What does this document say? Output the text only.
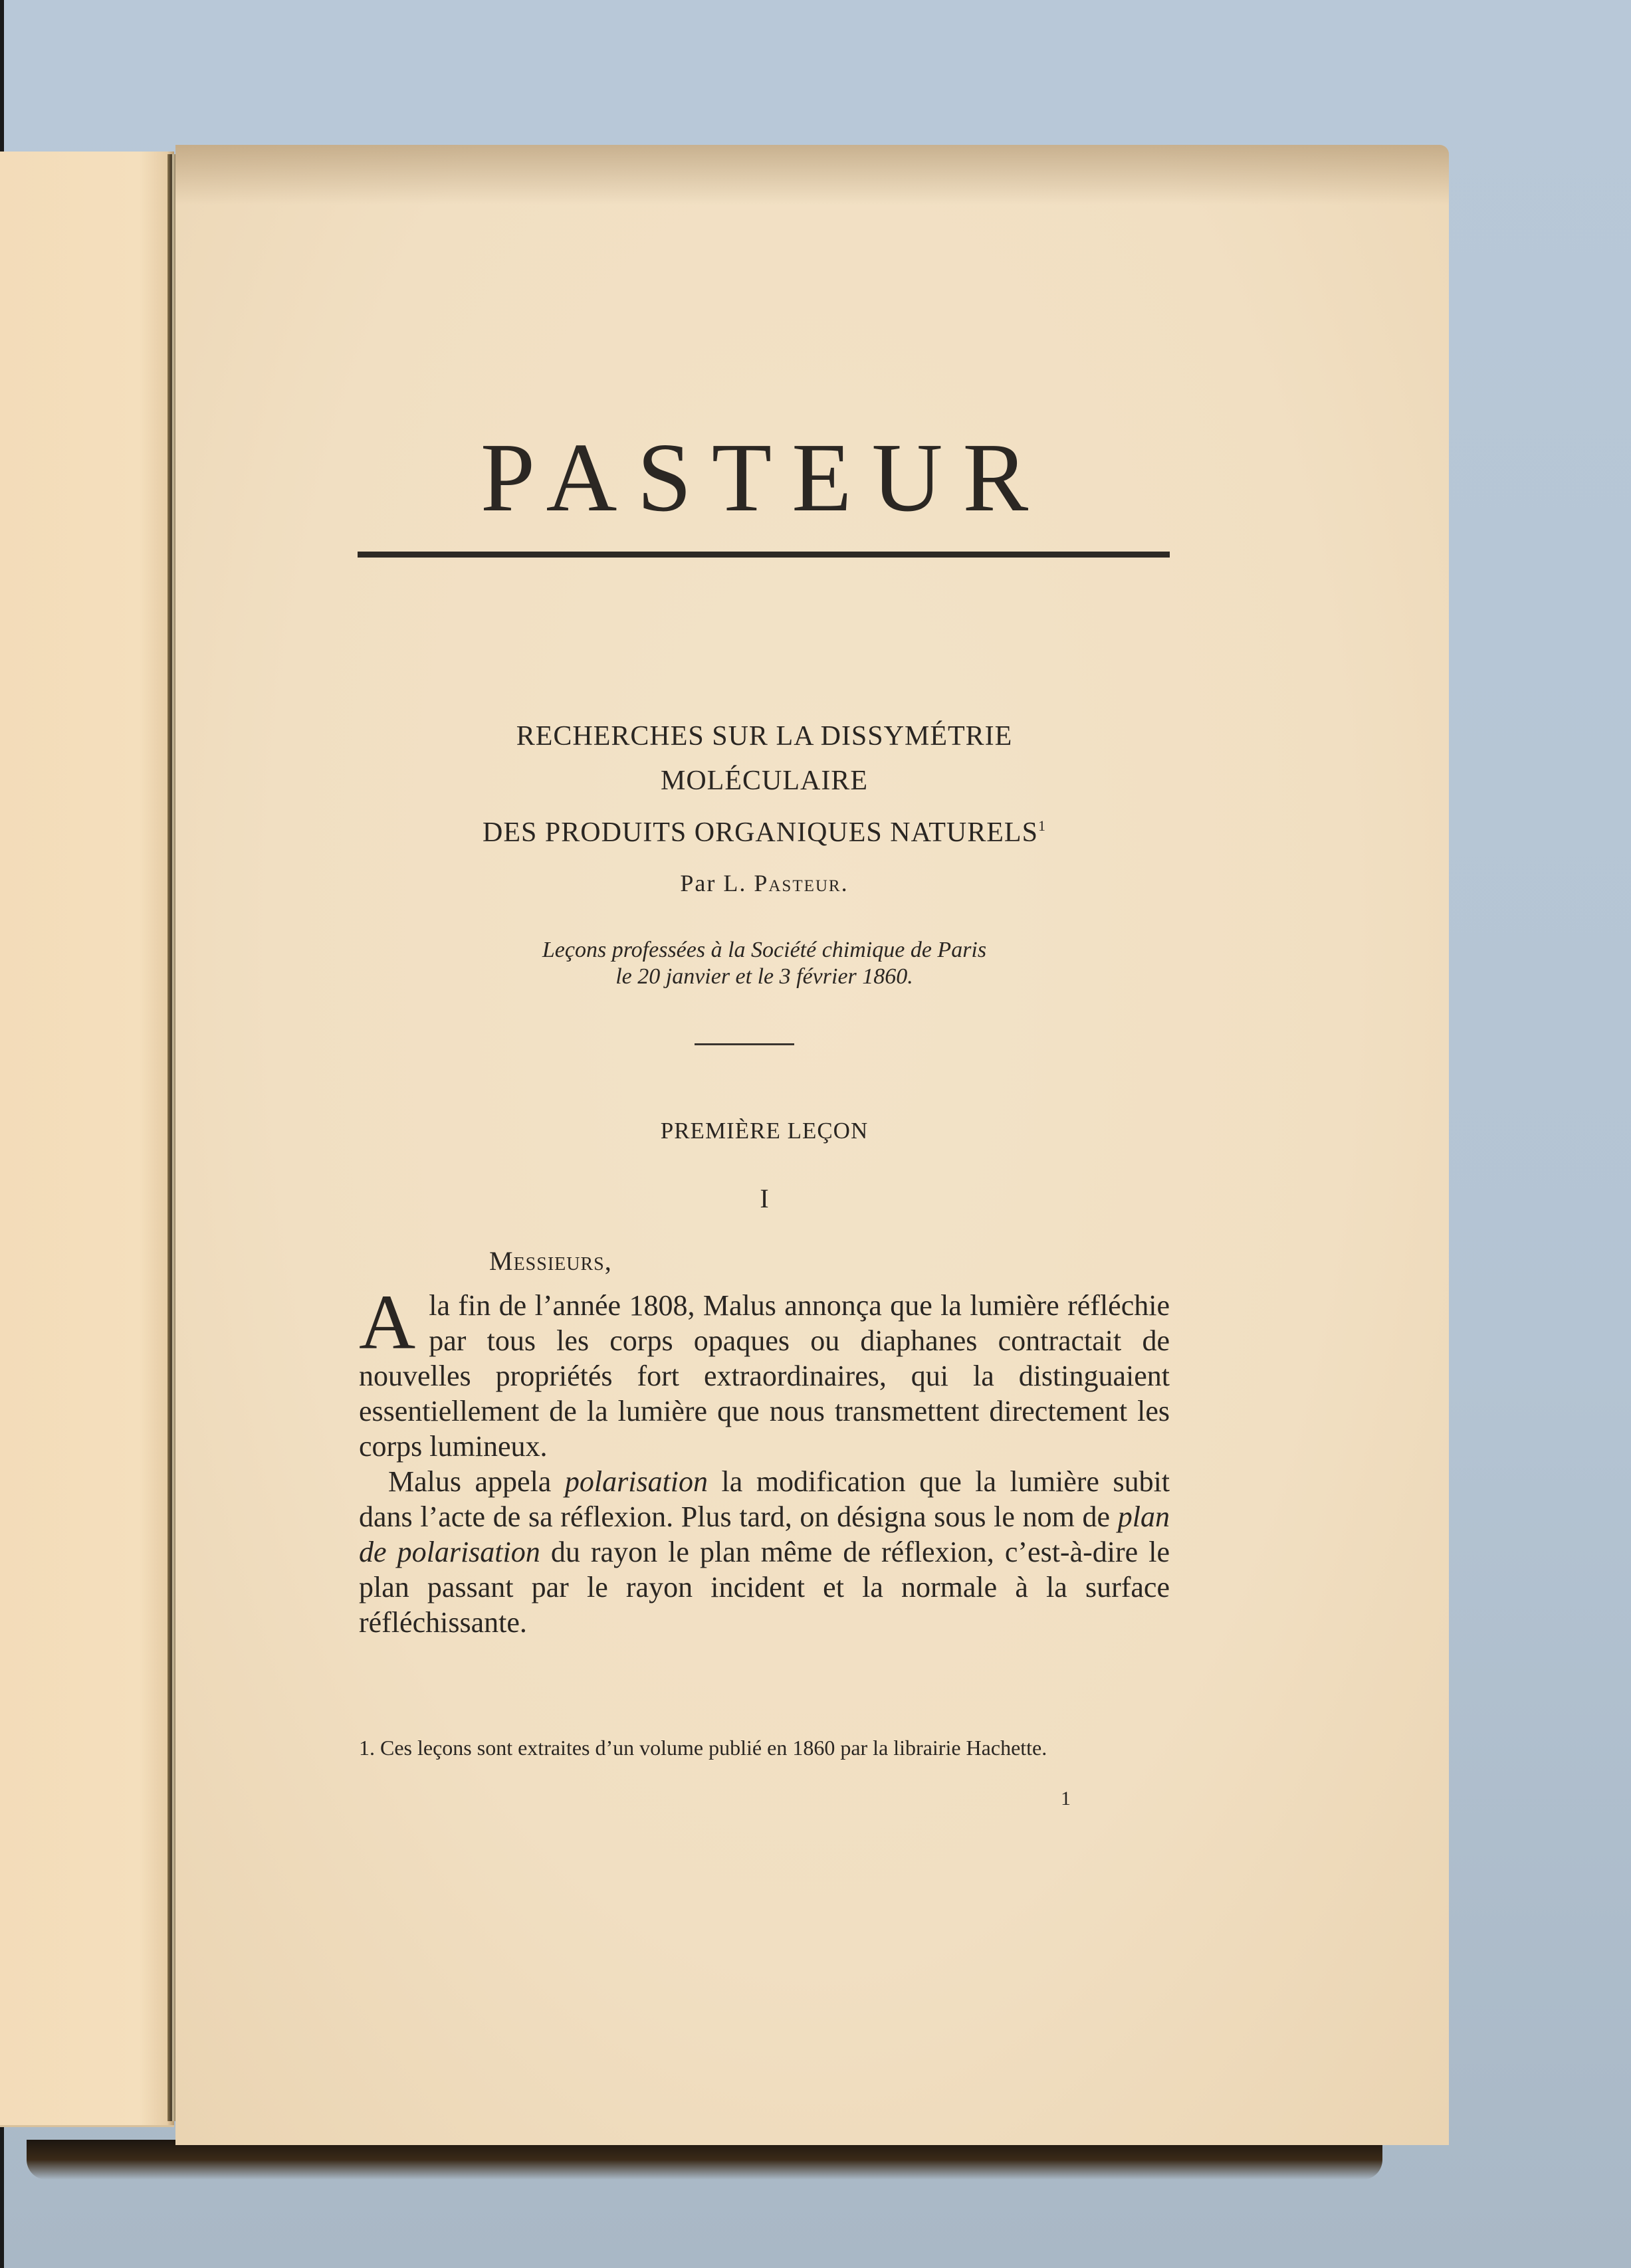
PASTEUR
RECHERCHES SUR LA DISSYMÉTRIE
MOLÉCULAIRE
DES PRODUITS ORGANIQUES NATURELS$^1$
Par L. Pasteur.
Leçons professées à la Société chimique de Paris
le 20 janvier et le 3 février 1860.
PREMIÈRE LEÇON
I
Messieurs,

Ala fin de l’année 1808, Malus annonça que la lumière réfléchie par tous les corps opaques ou diaphanes contractait de nouvelles propriétés fort extraordinaires, qui la distinguaient essentiellement de la lumière que nous transmettent directement les corps lumineux.

Malus appela polarisation la modification que la lumière subit dans l’acte de sa réflexion. Plus tard, on désigna sous le nom de plan de polarisation du rayon le plan même de réflexion, c’est-à-dire le plan passant par le rayon incident et la normale à la surface réfléchissante.

1. Ces leçons sont extraites d’un volume publié en 1860 par la librairie Hachette.
1
